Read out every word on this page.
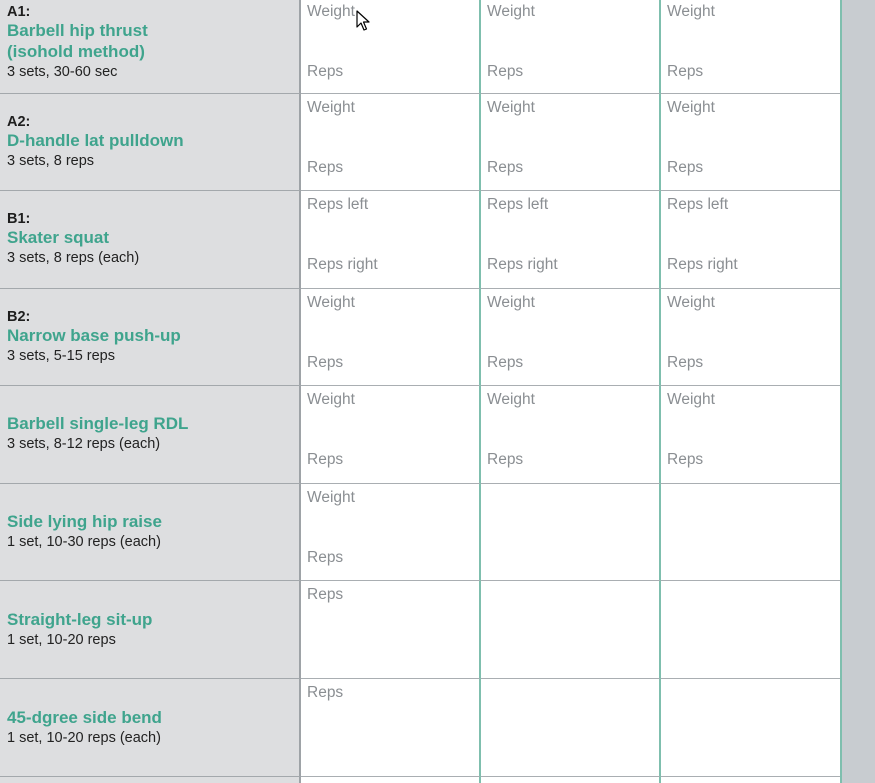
A1:
Barbell hip thrust
(isohold method)
3 sets, 30-60 sec
Weight
Reps
Weight
Reps
Weight
Reps
A2:
D-handle lat pulldown
3 sets, 8 reps
Weight
Reps
Weight
Reps
Weight
Reps
B1:
Skater squat
3 sets, 8 reps (each)
Reps left
Reps right
Reps left
Reps right
Reps left
Reps right
B2:
Narrow base push-up
3 sets, 5-15 reps
Weight
Reps
Weight
Reps
Weight
Reps
Barbell single-leg RDL
3 sets, 8-12 reps (each)
Weight
Reps
Weight
Reps
Weight
Reps
Side lying hip raise
1 set, 10-30 reps (each)
Weight
Reps
Straight-leg sit-up
1 set, 10-20 reps
Reps
45-dgree side bend
1 set, 10-20 reps (each)
Reps
